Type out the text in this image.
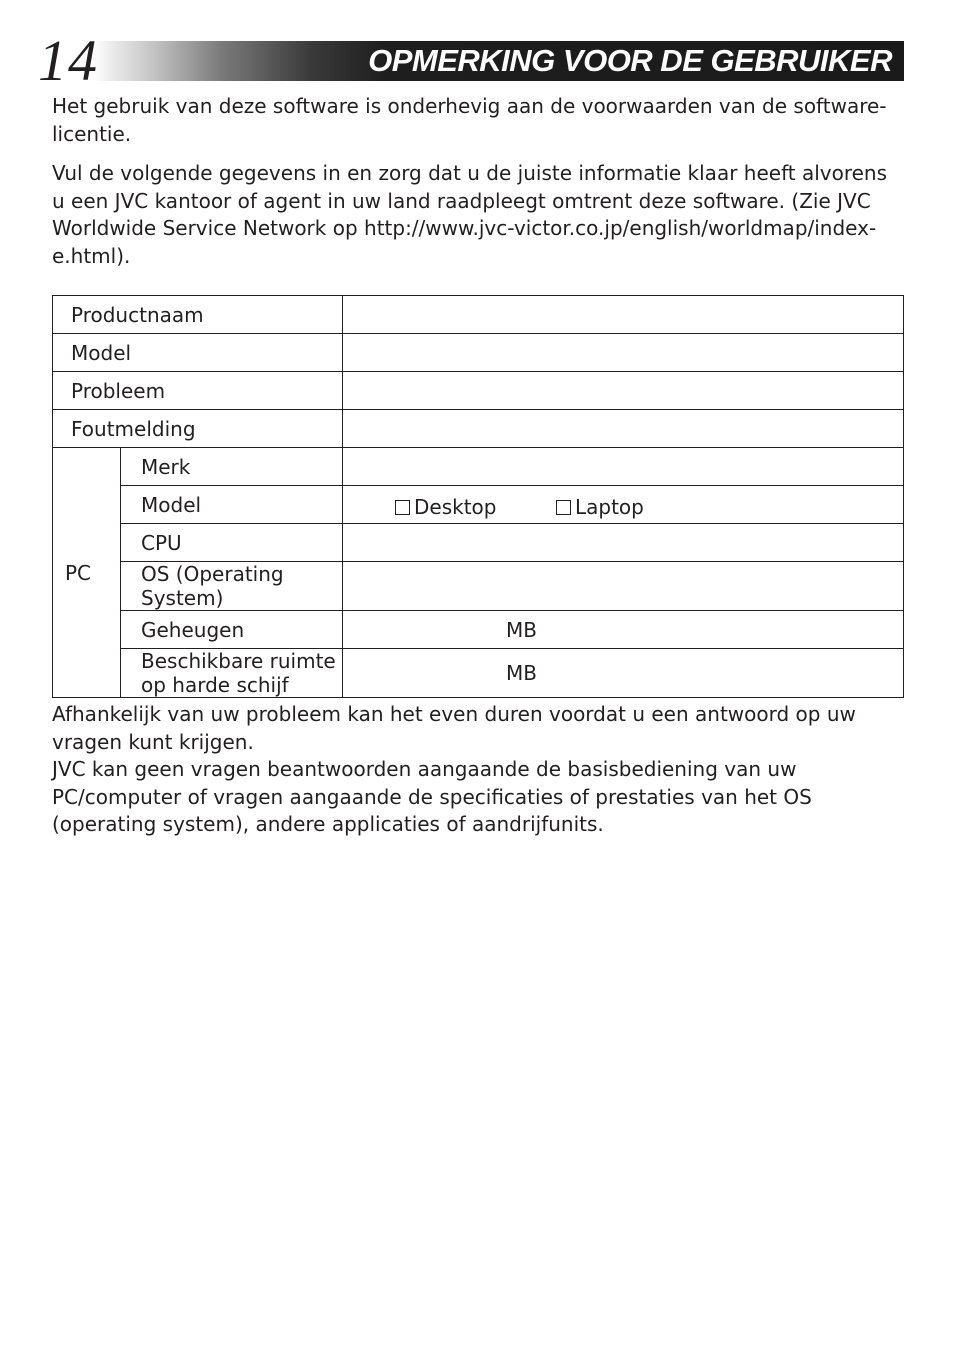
14	OPMERKING VOOR DE GEBRUIKER

Het gebruik van deze software is onderhevig aan de voorwaarden van de software-licentie.

Vul de volgende gegevens in en zorg dat u de juiste informatie klaar heeft alvorens u een JVC kantoor of agent in uw land raadpleegt omtrent deze software. (Zie JVC Worldwide Service Network op http://www.jvc-victor.co.jp/english/worldmap/index-e.html).

Productnaam		
Model		
Probleem		
Foutmelding		
PC	Merk	
	Model	Desktop Laptop

	CPU	
	OS (Operating System)	
	Geheugen	MB
	Beschikbare ruimte op harde schijf	MB

Afhankelijk van uw probleem kan het even duren voordat u een antwoord op uw vragen kunt krijgen.

JVC kan geen vragen beantwoorden aangaande de basisbediening van uw PC/computer of vragen aangaande de specificaties of prestaties van het OS (operating system), andere applicaties of aandrijfunits.
